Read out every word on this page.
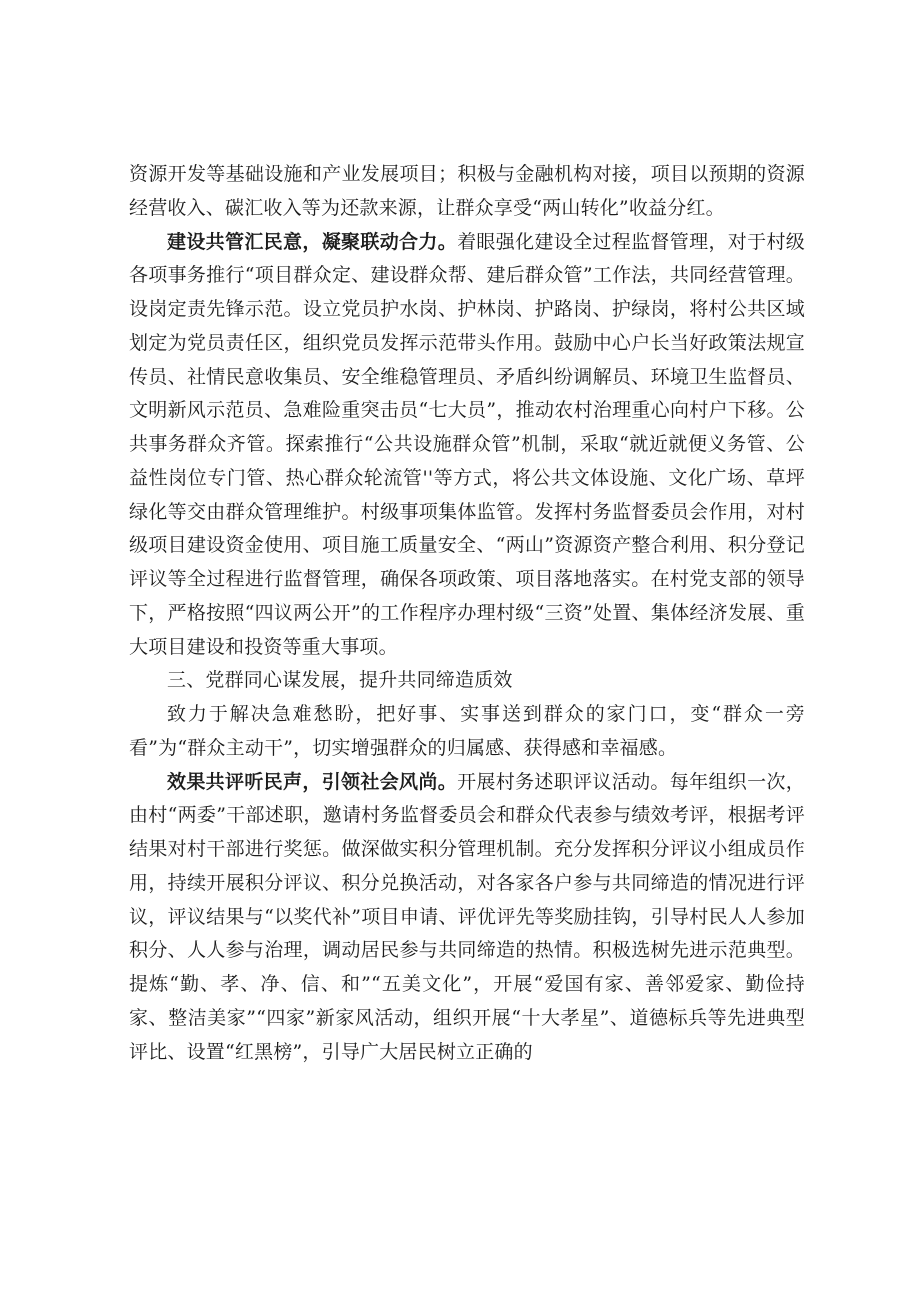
资源开发等基础设施和产业发展项目；积极与金融机构对接，项目以预期的资源经营收入、碳汇收入等为还款来源，让群众享受“两山转化”收益分红。

建设共管汇民意，凝聚联动合力。着眼强化建设全过程监督管理，对于村级各项事务推行“项目群众定、建设群众帮、建后群众管”工作法，共同经营管理。设岗定责先锋示范。设立党员护水岗、护林岗、护路岗、护绿岗，将村公共区域划定为党员责任区，组织党员发挥示范带头作用。鼓励中心户长当好政策法规宣传员、社情民意收集员、安全维稳管理员、矛盾纠纷调解员、环境卫生监督员、文明新风示范员、急难险重突击员“七大员”，推动农村治理重心向村户下移。公共事务群众齐管。探索推行“公共设施群众管”机制，采取“就近就便义务管、公益性岗位专门管、热心群众轮流管''等方式，将公共文体设施、文化广场、草坪绿化等交由群众管理维护。村级事项集体监管。发挥村务监督委员会作用，对村级项目建设资金使用、项目施工质量安全、“两山”资源资产整合利用、积分登记评议等全过程进行监督管理，确保各项政策、项目落地落实。在村党支部的领导下，严格按照“四议两公开”的工作程序办理村级“三资”处置、集体经济发展、重大项目建设和投资等重大事项。

三、党群同心谋发展，提升共同缔造质效

致力于解决急难愁盼，把好事、实事送到群众的家门口，变“群众一旁看”为“群众主动干”，切实增强群众的归属感、获得感和幸福感。

效果共评听民声，引领社会风尚。开展村务述职评议活动。每年组织一次，由村“两委”干部述职，邀请村务监督委员会和群众代表参与绩效考评，根据考评结果对村干部进行奖惩。做深做实积分管理机制。充分发挥积分评议小组成员作用，持续开展积分评议、积分兑换活动，对各家各户参与共同缔造的情况进行评议，评议结果与“以奖代补”项目申请、评优评先等奖励挂钩，引导村民人人参加积分、人人参与治理，调动居民参与共同缔造的热情。积极选树先进示范典型。提炼“勤、孝、净、信、和”“五美文化”，开展“爱国有家、善邻爱家、勤俭持家、整洁美家”“四家”新家风活动，组织开展“十大孝星”、道德标兵等先进典型评比、设置“红黑榜”，引导广大居民树立正确的
